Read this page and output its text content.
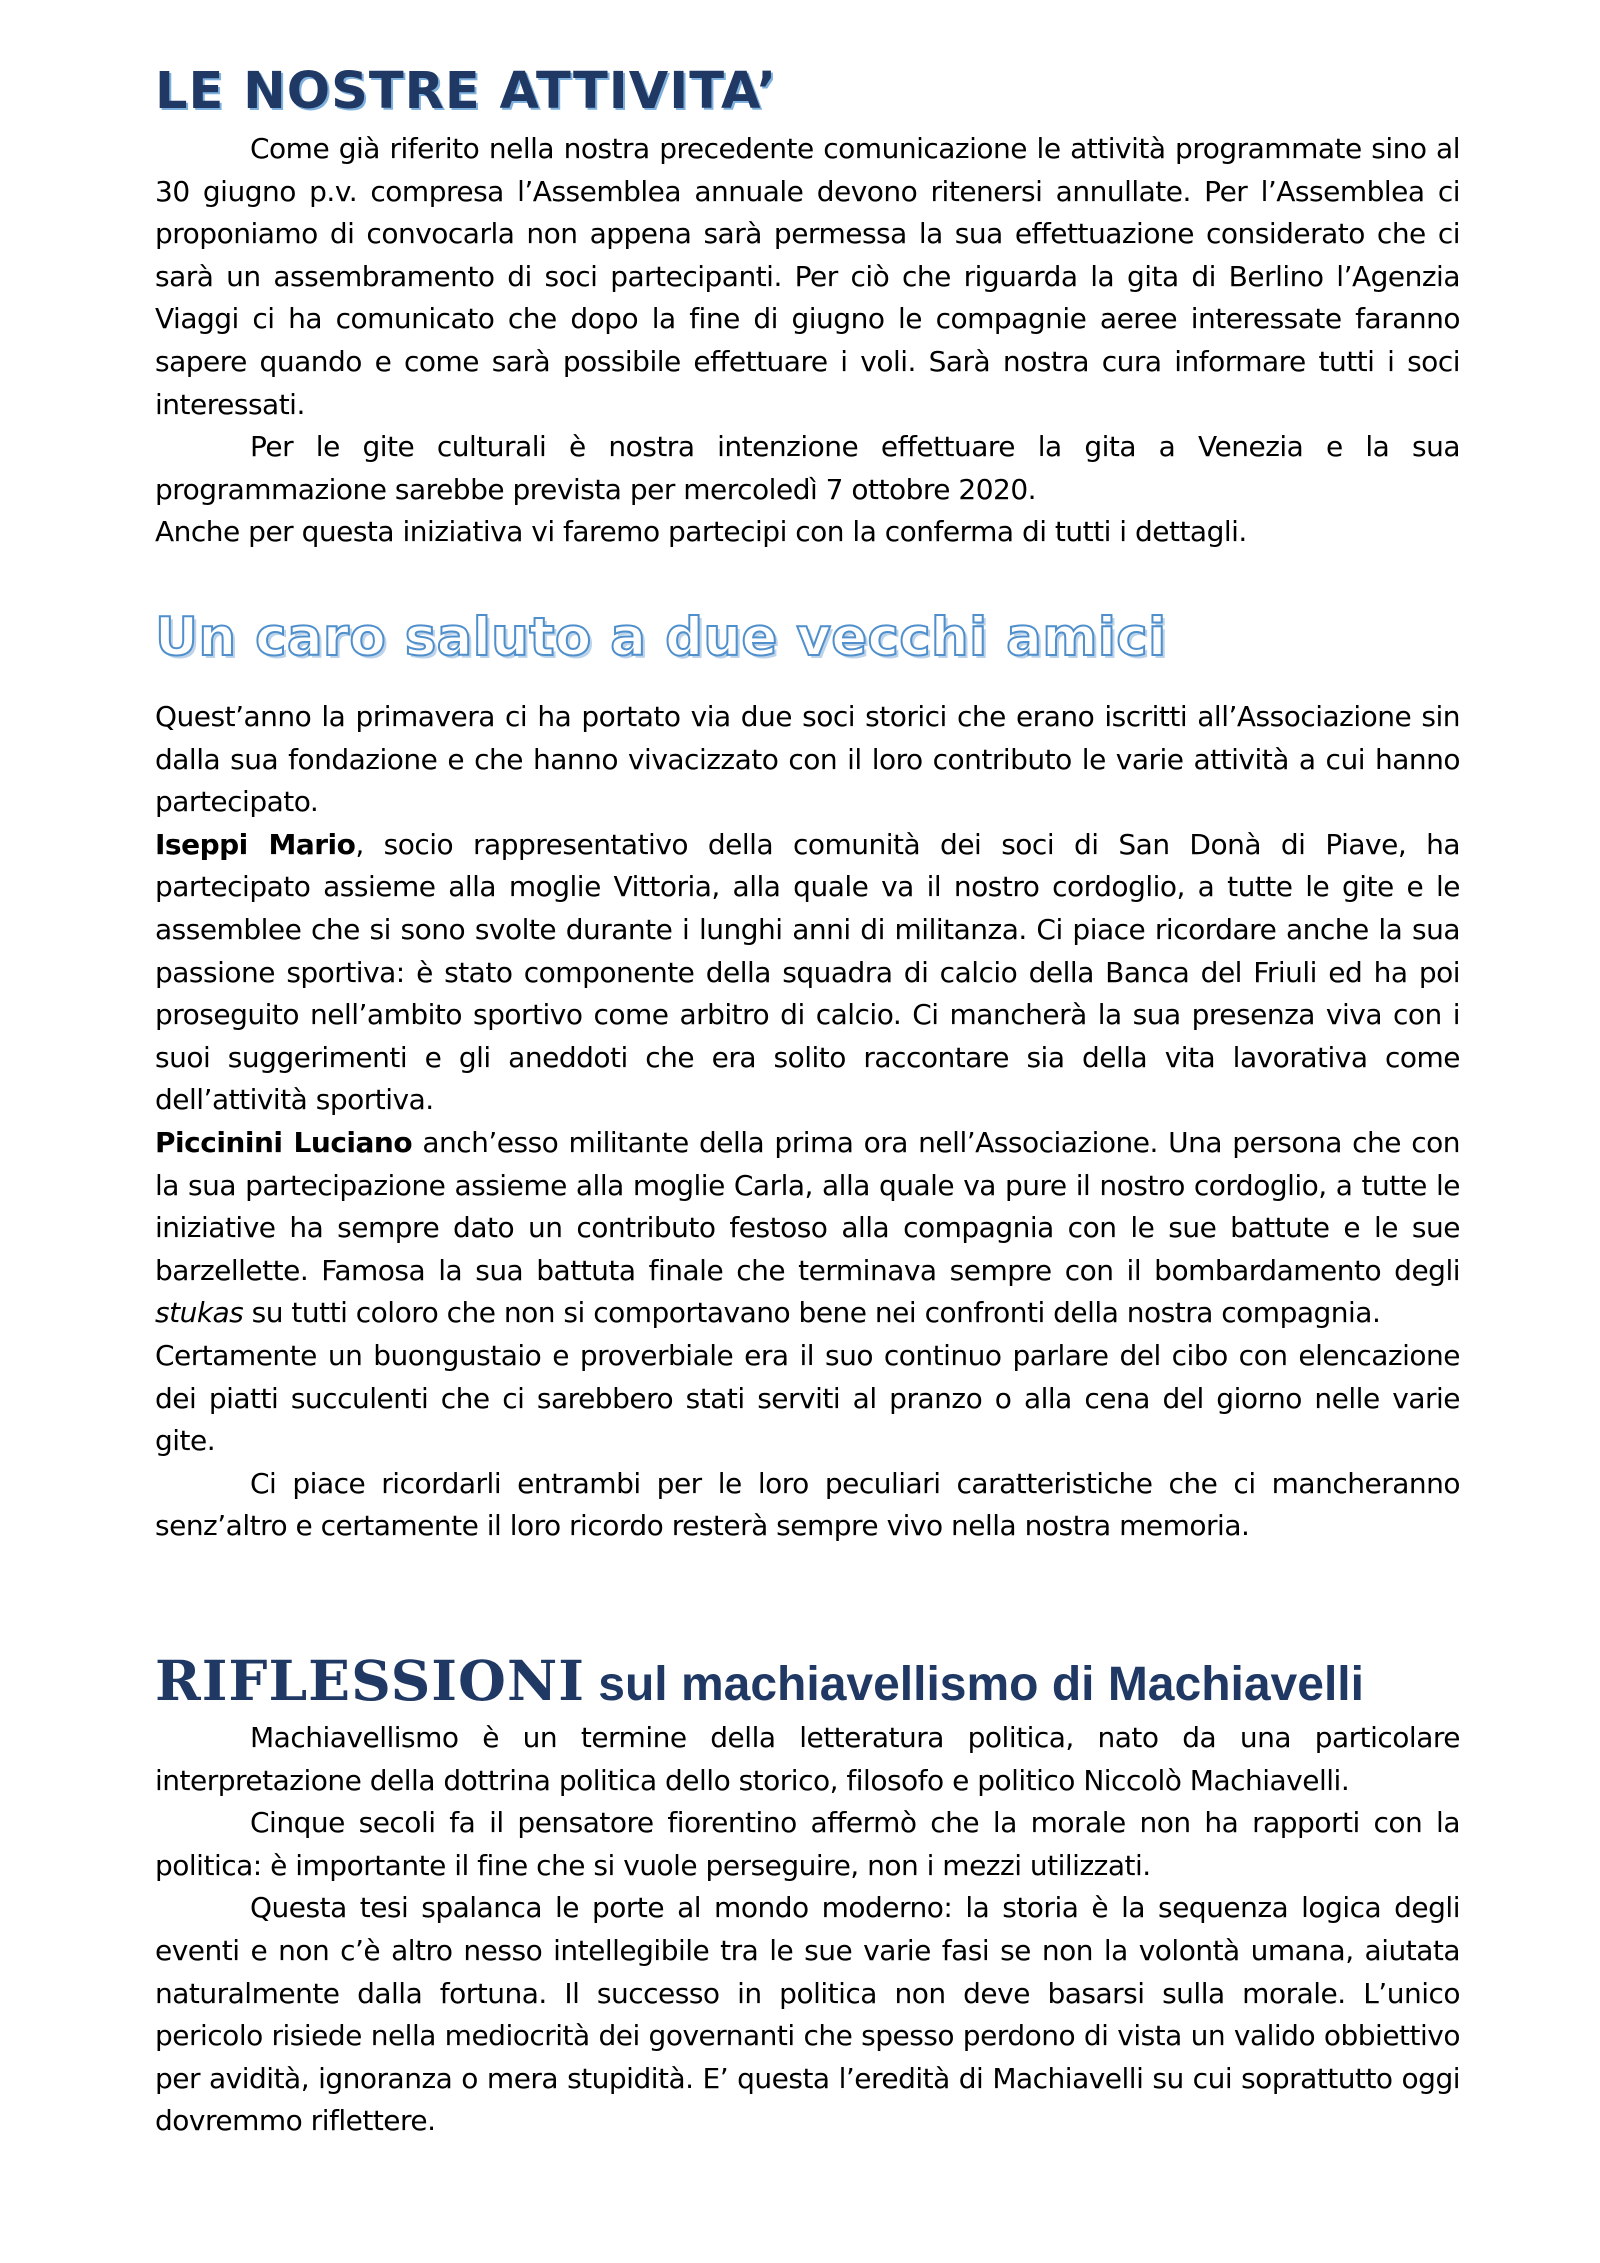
LE NOSTRE ATTIVITA’

Come già riferito nella nostra precedente comunicazione le attività programmate sino al 30 giugno p.v. compresa l’Assemblea annuale devono ritenersi annullate. Per l’Assemblea ci proponiamo di convocarla non appena sarà permessa la sua effettuazione considerato che ci sarà un assembramento di soci partecipanti. Per ciò che riguarda la gita di Berlino l’Agenzia Viaggi ci ha comunicato che dopo la fine di giugno le compagnie aeree interessate faranno sapere quando e come sarà possibile effettuare i voli. Sarà nostra cura informare tutti i soci interessati.

Per le gite culturali è nostra intenzione effettuare la gita a Venezia e la sua programmazione sarebbe prevista per mercoledì 7 ottobre 2020.

Anche per questa iniziativa vi faremo partecipi con la conferma di tutti i dettagli.

Un caro saluto a due vecchi amici

Quest’anno la primavera ci ha portato via due soci storici che erano iscritti all’Associazione sin dalla sua fondazione e che hanno vivacizzato con il loro contributo le varie attività a cui hanno partecipato.

Iseppi Mario, socio rappresentativo della comunità dei soci di San Donà di Piave, ha partecipato assieme alla moglie Vittoria, alla quale va il nostro cordoglio, a tutte le gite e le assemblee che si sono svolte durante i lunghi anni di militanza. Ci piace ricordare anche la sua passione sportiva: è stato componente della squadra di calcio della Banca del Friuli ed ha poi proseguito nell’ambito sportivo come arbitro di calcio. Ci mancherà la sua presenza viva con i suoi suggerimenti e gli aneddoti che era solito raccontare sia della vita lavorativa come dell’attività sportiva.

Piccinini Luciano anch’esso militante della prima ora nell’Associazione. Una persona che con la sua partecipazione assieme alla moglie Carla, alla quale va pure il nostro cordoglio, a tutte le iniziative ha sempre dato un contributo festoso alla compagnia con le sue battute e le sue barzellette. Famosa la sua battuta finale che terminava sempre con il bombardamento degli stukas su tutti coloro che non si comportavano bene nei confronti della nostra compagnia.

Certamente un buongustaio e proverbiale era il suo continuo parlare del cibo con elencazione dei piatti succulenti che ci sarebbero stati serviti al pranzo o alla cena del giorno nelle varie gite.

Ci piace ricordarli entrambi per le loro peculiari caratteristiche che ci mancheranno senz’altro e certamente il loro ricordo resterà sempre vivo nella nostra memoria.

RIFLESSIONI sul machiavellismo di Machiavelli

Machiavellismo è un termine della letteratura politica, nato da una particolare interpretazione della dottrina politica dello storico, filosofo e politico Niccolò Machiavelli.

Cinque secoli fa il pensatore fiorentino affermò che la morale non ha rapporti con la politica: è importante il fine che si vuole perseguire, non i mezzi utilizzati.

Questa tesi spalanca le porte al mondo moderno: la storia è la sequenza logica degli eventi e non c’è altro nesso intellegibile tra le sue varie fasi se non la volontà umana, aiutata naturalmente dalla fortuna. Il successo in politica non deve basarsi sulla morale. L’unico pericolo risiede nella mediocrità dei governanti che spesso perdono di vista un valido obbiettivo per avidità, ignoranza o mera stupidità. E’ questa l’eredità di Machiavelli su cui soprattutto oggi dovremmo riflettere.
